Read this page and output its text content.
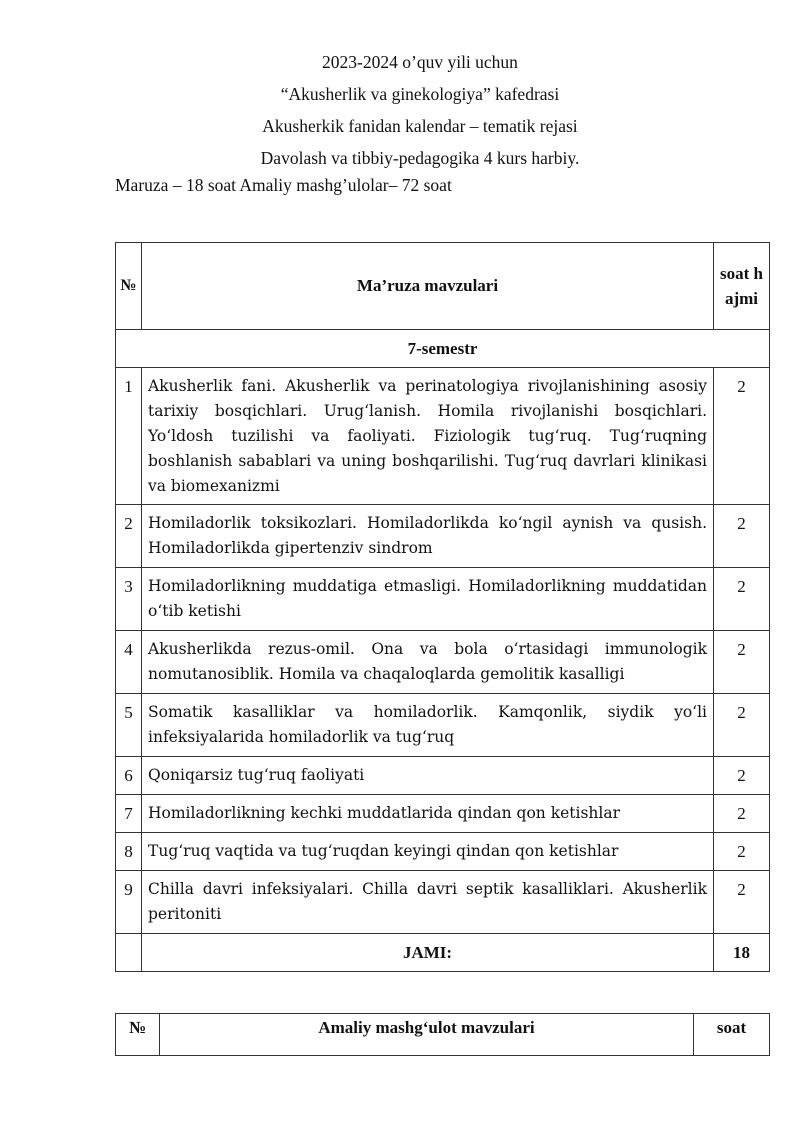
2023-2024 o’quv yili uchun
“Akusherlik va ginekologiya” kafedrasi
Akusherkik fanidan kalendar – tematik rejasi
Davolash va tibbiy-pedagogika 4 kurs harbiy.
Maruza – 18 soat Amaliy mashg’ulolar– 72 soat
№	Ma’ruza mavzulari	soat hajmi

7-semestr		
1	Akusherlik fani. Akusherlik va perinatologiya rivojlanishining asosiy tarixiy bosqichlari. Urug‘lanish. Homila rivojlanishi bosqichlari. Yo‘ldosh tuzilishi va faoliyati. Fiziologik tug‘ruq. Tug‘ruqning boshlanish sabablari va uning boshqarilishi. Tug‘ruq davrlari klinikasi va biomexanizmi	2
2	Homiladorlik toksikozlari. Homiladorlikda ko‘ngil aynish va qusish. Homiladorlikda gipertenziv sindrom	2
3	Homiladorlikning muddatiga etmasligi. Homiladorlikning muddatidan o‘tib ketishi	2
4	Akusherlikda rezus-omil. Ona va bola o‘rtasidagi immunologik nomutanosiblik. Homila va chaqaloqlarda gemolitik kasalligi	2
5	Somatik kasalliklar va homiladorlik. Kamqonlik, siydik yo‘li infeksiyalarida homiladorlik va tug‘ruq	2
6	Qoniqarsiz tug‘ruq faoliyati	2
7	Homiladorlikning kechki muddatlarida qindan qon ketishlar	2
8	Tug‘ruq vaqtida va tug‘ruqdan keyingi qindan qon ketishlar	2
9	Chilla davri infeksiyalari. Chilla davri septik kasalliklari. Akusherlik peritoniti	2
	JAMI:	18
№	Amaliy mashg‘ulot mavzulari	soat
